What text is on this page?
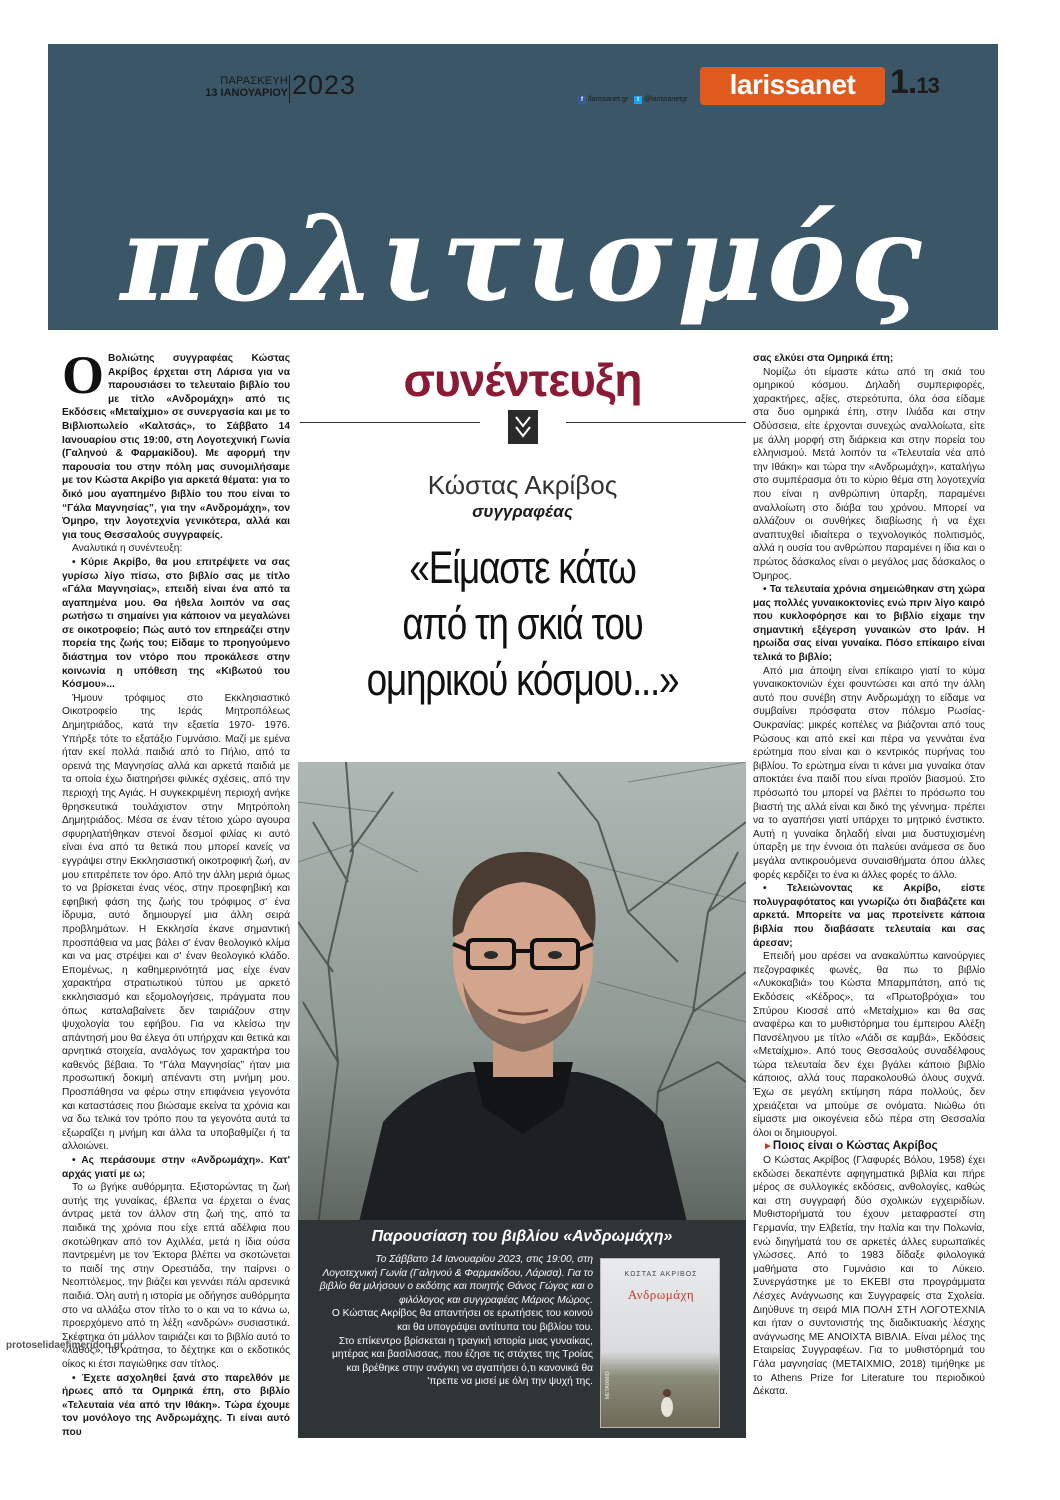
πολιτισμός
ΠΑΡΑΣΚΕΥΗ
13 ΙΑΝΟΥΑΡΙΟΥ 2023	f /larissanet.gr	t @larissanetgr	larissanet	1.13

Ο Βολιώτης συγγραφέας Κώστας Ακρίβος έρχεται στη Λάρισα για να παρουσιάσει το τελευταίο βιβλίο του με τίτλο «Ανδρομάχη» από τις Εκδόσεις «Μεταίχμιο» σε συνεργασία και με το Βιβλιοπωλείο «Καλτσάς», το Σάββατο 14 Ιανουαρίου στις 19:00, στη Λογοτεχνική Γωνία (Γαληνού & Φαρμακίδου). Με αφορμή την παρουσία του στην πόλη μας συνομιλήσαμε με τον Κώστα Ακρίβο για αρκετά θέματα: για το δικό μου αγαπημένο βιβλίο του που είναι το “Γάλα Μαγνησίας”, για την «Ανδρομάχη», τον Όμηρο, την λογοτεχνία γενικότερα, αλλά και για τους Θεσσαλούς συγγραφείς.

Αναλυτικά η συνέντευξη:

• Κύριε Ακρίβο, θα μου επιτρέψετε να σας γυρίσω λίγο πίσω, στο βιβλίο σας με τίτλο «Γάλα Μαγνησίας», επειδή είναι ένα από τα αγαπημένα μου. Θα ήθελα λοιπόν να σας ρωτήσω τι σημαίνει για κάποιον να μεγαλώνει σε οικοτροφείο; Πώς αυτό τον επηρεάζει στην πορεία της ζωής του; Είδαμε το προηγούμενο διάστημα τον ντόρο που προκάλεσε στην κοινωνία η υπόθεση της «Κιβωτού του Κόσμου»...

Ήμουν τρόφιμος στο Εκκλησιαστικό Οικοτροφείο της Ιεράς Μητροπόλεως Δημητριάδος, κατά την εξαετία 1970- 1976. Υπήρξε τότε το εξατάξιο Γυμνάσιο. Μαζί με εμένα ήταν εκεί πολλά παιδιά από το Πήλιο, από τα ορεινά της Μαγνησίας αλλά και αρκετά παιδιά με τα οποία έχω διατηρήσει φιλικές σχέσεις, από την περιοχή της Αγιάς. Η συγκεκριμένη περιοχή ανήκε θρησκευτικά τουλάχιστον στην Μητρόπολη Δημητριάδος. Μέσα σε έναν τέτοιο χώρο αγουρα σφυρηλατήθηκαν στενοί δεσμοί φιλίας κι αυτό είναι ένα από τα θετικά που μπορεί κανείς να εγγράψει στην Εκκλησιαστική οικοτροφική ζωή, αν μου επιτρέπετε τον όρο. Από την άλλη μεριά όμως το να βρίσκεται ένας νέος, στην προεφηβική και εφηβική φάση της ζωής του τρόφιμος σ' ένα ίδρυμα, αυτό δημιουργεί μια άλλη σειρά προβλημάτων. Η Εκκλησία έκανε σημαντική προσπάθεια να μας βάλει σ' έναν θεολογικό κλίμα και να μας στρέψει και σ' έναν θεολογικό κλάδο. Επομένως, η καθημερινότητά μας είχε έναν χαρακτήρα στρατιωτικού τύπου με αρκετό εκκλησιασμό και εξομολογήσεις, πράγματα που όπως καταλαβαίνετε δεν ταιριάζουν στην ψυχολογία του εφήβου. Για να κλείσω την απάντησή μου θα έλεγα ότι υπήρχαν και θετικά και αρνητικά στοιχεία, αναλόγως τον χαρακτήρα του καθενός βέβαια. Το “Γάλα Μαγνησίας” ήταν μια προσωπική δοκιμή απέναντι στη μνήμη μου. Προσπάθησα να φέρω στην επιφάνεια γεγονότα και καταστάσεις που βιώσαμε εκείνα τα χρόνια και να δω τελικά τον τρόπο που τα γεγονότα αυτά τα εξωραΐζει η μνήμη και άλλα τα υποβαθμίζει ή τα αλλοιώνει.

• Ας περάσουμε στην «Ανδρωμάχη». Κατ' αρχάς γιατί με ω;

Το ω βγήκε αυθόρμητα. Εξιστορώντας τη ζωή αυτής της γυναίκας, έβλεπα να έρχεται ο ένας άντρας μετά τον άλλον στη ζωή της, από τα παιδικά της χρόνια που είχε επτά αδέλφια που σκοτώθηκαν από τον Αχιλλέα, μετά η ίδια ούσα παντρεμένη με τον Έκτορα βλέπει να σκοτώνεται το παιδί της στην Ορεστιάδα, την παίρνει ο Νεοπτόλεμος, την βιάζει και γεννάει πάλι αρσενικά παιδιά. Όλη αυτή η ιστορία με οδήγησε αυθόρμητα στο να αλλάξω στον τίτλο το ο και να το κάνω ω, προερχόμενο από τη λέξη «ανδρών» συσιαστικά. Σκέφτηκα ότι μάλλον ταιριάζει και το βιβλίο αυτό το «λάθος», το κράτησα, το δέχτηκε και ο εκδοτικός οίκος κι έτσι παγιώθηκε σαν τίτλος.

• Έχετε ασχοληθεί ξανά στο παρελθόν με ήρωες από τα Ομηρικά έπη, στο βιβλίο «Τελευταία νέα από την Ιθάκη». Τώρα έχουμε τον μονόλογο της Ανδρωμάχης. Τι είναι αυτό που

συνέντευξη
Κώστας Ακρίβος
συγγραφέας
«Είμαστε κάτω
από τη σκιά του
ομηρικού κόσμου...»
Παρουσίαση του βιβλίου «Ανδρωμάχη»

Το Σάββατο 14 Ιανουαρίου 2023, στις 19:00, στη Λογοτεχνική Γωνία (Γαληνού & Φαρμακίδου, Λάρισα). Για το βιβλίο θα μιλήσουν ο εκδότης και ποιητής Θάνος Γώγος και ο φιλόλογος και συγγραφέας Μάριος Μώρος.

Ο Κώστας Ακρίβος θα απαντήσει σε ερωτήσεις του κοινού και θα υπογράψει αντίτυπα του βιβλίου του.

Στο επίκεντρο βρίσκεται η τραγική ιστορία μιας γυναίκας, μητέρας και βασίλισσας, που έζησε τις στάχτες της Τροίας και βρέθηκε στην ανάγκη να αγαπήσει ό,τι κανονικά θα 'πρεπε να μισεί με όλη την ψυχή της.

ΚΩΣΤΑΣ ΑΚΡΙΒΟΣ
Ανδρωμάχη
ΜΕΤΑΙΧΜΙΟ

σας ελκύει στα Ομηρικά έπη;

Νομίζω ότι είμαστε κάτω από τη σκιά του ομηρικού κόσμου. Δηλαδή συμπεριφορές, χαρακτήρες, αξίες, στερεότυπα, όλα όσα είδαμε στα δυο ομηρικά έπη, στην Ιλιάδα και στην Οδύσσεια, είτε έρχονται συνεχώς αναλλοίωτα, είτε με άλλη μορφή στη διάρκεια και στην πορεία του ελληνισμού. Μετά λοιπόν τα «Τελευταία νέα από την Ιθάκη» και τώρα την «Ανδρωμάχη», καταλήγω στο συμπέρασμα ότι το κύριο θέμα στη λογοτεχνία που είναι η ανθρώπινη ύπαρξη, παραμένει αναλλοίωτη στο διάβα του χρόνου. Μπορεί να αλλάζουν οι συνθήκες διαβίωσης ή να έχει αναπτυχθεί ιδιαίτερα ο τεχνολογικός πολιτισμός, αλλά η ουσία του ανθρώπου παραμένει η ίδια και ο πρώτος δάσκαλος είναι ο μεγάλος μας δάσκαλος ο Όμηρος.

• Τα τελευταία χρόνια σημειώθηκαν στη χώρα μας πολλές γυναικοκτονίες ενώ πριν λίγο καιρό που κυκλοφόρησε και το βιβλίο είχαμε την σημαντική εξέγερση γυναικών στο Ιράν. Η ηρωίδα σας είναι γυναίκα. Πόσο επίκαιρο είναι τελικά το βιβλίο;

Από μια άποψη είναι επίκαιρο γιατί το κύμα γυναικοκτονιών έχει φουντώσει και από την άλλη αυτό που συνέβη στην Ανδρωμάχη το είδαμε να συμβαίνει πρόσφατα στον πόλεμο Ρωσίας- Ουκρανίας: μικρές κοπέλες να βιάζονται από τους Ρώσους και από εκεί και πέρα να γεννάται ένα ερώτημα που είναι και ο κεντρικός πυρήνας του βιβλίου. Το ερώτημα είναι τι κάνει μια γυναίκα όταν αποκτάει ένα παιδί που είναι προϊόν βιασμού. Στο πρόσωπό του μπορεί να βλέπει το πρόσωπο του βιαστή της αλλά είναι και δικό της γέννημα· πρέπει να το αγαπήσει γιατί υπάρχει το μητρικό ένστικτο. Αυτή η γυναίκα δηλαδή είναι μια δυστυχισμένη ύπαρξη με την έννοια ότι παλεύει ανάμεσα σε δυο μεγάλα αντικρουόμενα συναισθήματα όπου άλλες φορές κερδίζει το ένα κι άλλες φορές το άλλο.

• Τελειώνοντας κε Ακρίβο, είστε πολυγραφότατος και γνωρίζω ότι διαβάζετε και αρκετά. Μπορείτε να μας προτείνετε κάποια βιβλία που διαβάσατε τελευταία και σας άρεσαν;

Επειδή μου αρέσει να ανακαλύπτω καινούργιες πεζογραφικές φωνές, θα πω το βιβλίο «Λυκοκαβιά» του Κώστα Μπαρμπάτση, από τις Εκδόσεις «Κέδρος», τα «Πρωτοβρόχια» του Σπύρου Κιοσσέ από «Μεταίχμιο» και θα σας αναφέρω και το μυθιστόρημα του έμπειρου Αλέξη Πανσέληνου με τίτλο «Λάδι σε καμβά», Εκδόσεις «Μεταίχμιο». Από τους Θεσσαλούς συναδέλφους τώρα τελευταία δεν έχει βγάλει κάποιο βιβλίο κάποιος, αλλά τους παρακολουθώ όλους συχνά. Έχω σε μεγάλη εκτίμηση πάρα πολλούς, δεν χρειάζεται να μπούμε σε ονόματα. Νιώθω ότι είμαστε μια οικογένεια εδώ πέρα στη Θεσσαλία όλοι οι δημιουργοί.

►Ποιος είναι ο Κώστας Ακρίβος

Ο Κώστας Ακρίβος (Γλαφυρές Βόλου, 1958) έχει εκδώσει δεκαπέντε αφηγηματικά βιβλία και πήρε μέρος σε συλλογικές εκδόσεις, ανθολογίες, καθώς και στη συγγραφή δύο σχολικών εγχειριδίων. Μυθιστορήματά του έχουν μεταφραστεί στη Γερμανία, την Ελβετία, την Ιταλία και την Πολωνία, ενώ διηγήματά του σε αρκετές άλλες ευρωπαϊκές γλώσσες. Από το 1983 δίδαξε φιλολογικά μαθήματα στο Γυμνάσιο και το Λύκειο. Συνεργάστηκε με το ΕΚΕΒΙ στα προγράμματα Λέσχες Ανάγνωσης και Συγγραφείς στα Σχολεία. Διηύθυνε τη σειρά ΜΙΑ ΠΟΛΗ ΣΤΗ ΛΟΓΟΤΕΧΝΙΑ και ήταν ο συντονιστής της διαδικτυακής λέσχης ανάγνωσης ΜΕ ΑΝΟΙΧΤΑ ΒΙΒΛΙΑ. Είναι μέλος της Εταιρείας Συγγραφέων. Για το μυθιστόρημά του Γάλα μαγνησίας (ΜΕΤΑΙΧΜΙΟ, 2018) τιμήθηκε με το Athens Prize for Literature του περιοδικού Δέκατα.

protoselidaefimeridon.gr
